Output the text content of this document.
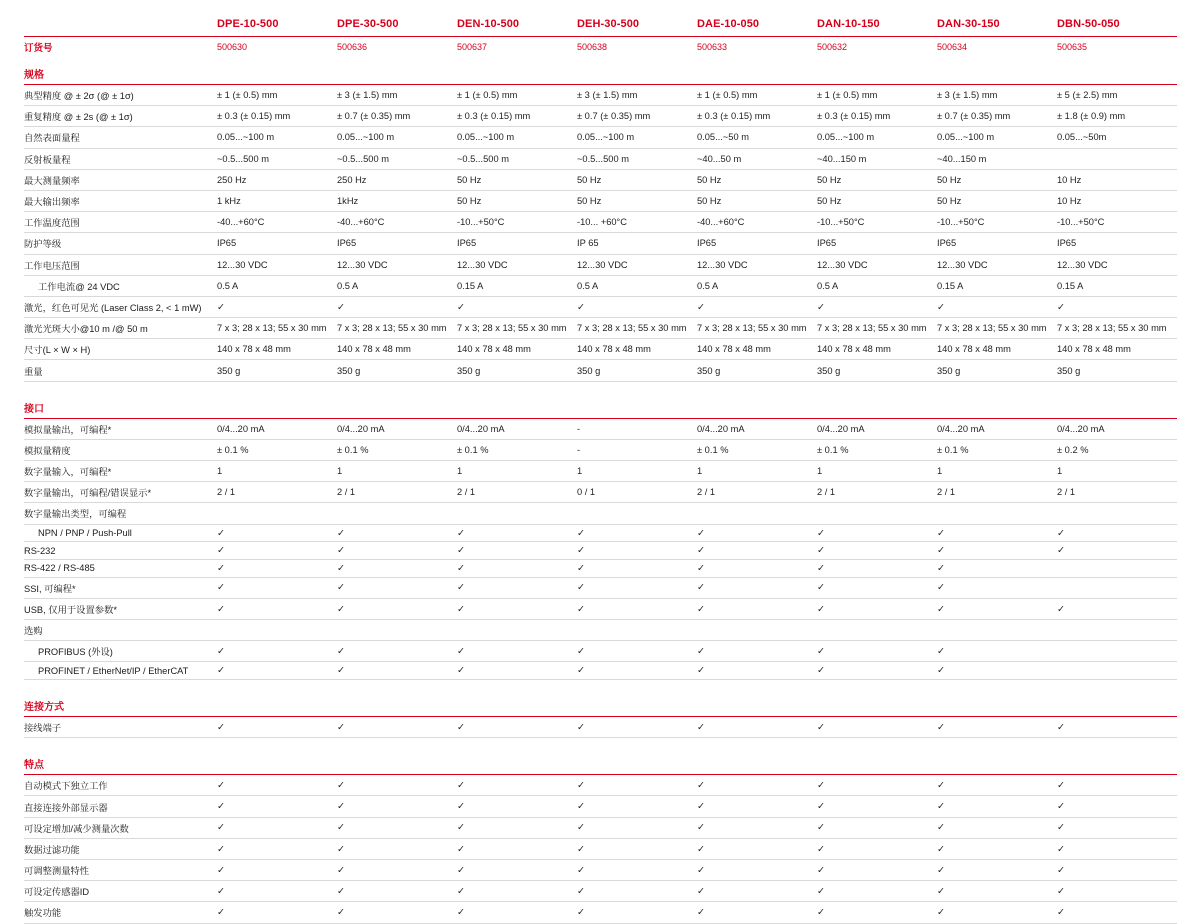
	DPE-10-500	DPE-30-500	DEN-10-500	DEH-30-500	DAE-10-050	DAN-10-150	DAN-30-150	DBN-50-050

订货号	500630	500636	500637	500638	500633	500632	500634	500635
规格								
典型精度 @ ± 2σ (@ ± 1σ)	± 1 (± 0.5) mm	± 3 (± 1.5) mm	± 1 (± 0.5) mm	± 3 (± 1.5) mm	± 1 (± 0.5) mm	± 1 (± 0.5) mm	± 3 (± 1.5) mm	± 5 (± 2.5) mm
重复精度 @ ± 2s (@ ± 1σ)	± 0.3 (± 0.15) mm	± 0.7 (± 0.35) mm	± 0.3 (± 0.15) mm	± 0.7 (± 0.35) mm	± 0.3 (± 0.15) mm	± 0.3 (± 0.15) mm	± 0.7 (± 0.35) mm	± 1.8 (± 0.9) mm
自然表面量程	0.05...~100 m	0.05...~100 m	0.05...~100 m	0.05...~100 m	0.05...~50 m	0.05...~100 m	0.05...~100 m	0.05...~50m
反射板量程	~0.5...500 m	~0.5...500 m	~0.5...500 m	~0.5...500 m	~40...50 m	~40...150 m	~40...150 m	
最大测量频率	250 Hz	250 Hz	50 Hz	50 Hz	50 Hz	50 Hz	50 Hz	10 Hz
最大输出频率	1 kHz	1kHz	50 Hz	50 Hz	50 Hz	50 Hz	50 Hz	10 Hz
工作温度范围	-40...+60°C	-40...+60°C	-10...+50°C	-10... +60°C	-40...+60°C	-10...+50°C	-10...+50°C	-10...+50°C
防护等级	IP65	IP65	IP65	IP 65	IP65	IP65	IP65	IP65
工作电压范围	12...30 VDC	12...30 VDC	12...30 VDC	12...30 VDC	12...30 VDC	12...30 VDC	12...30 VDC	12...30 VDC
工作电流@ 24 VDC	0.5 A	0.5 A	0.15 A	0.5 A	0.5 A	0.5 A	0.15 A	0.15 A
激光，红色可见光 (Laser Class 2, < 1 mW)	✓	✓	✓	✓	✓	✓	✓	✓
激光光斑大小@10 m /@ 50 m	7 x 3; 28 x 13; 55 x 30 mm	7 x 3; 28 x 13; 55 x 30 mm	7 x 3; 28 x 13; 55 x 30 mm	7 x 3; 28 x 13; 55 x 30 mm	7 x 3; 28 x 13; 55 x 30 mm	7 x 3; 28 x 13; 55 x 30 mm	7 x 3; 28 x 13; 55 x 30 mm	7 x 3; 28 x 13; 55 x 30 mm
尺寸(L × W × H)	140 x 78 x 48 mm	140 x 78 x 48 mm	140 x 78 x 48 mm	140 x 78 x 48 mm	140 x 78 x 48 mm	140 x 78 x 48 mm	140 x 78 x 48 mm	140 x 78 x 48 mm
重量	350 g	350 g	350 g	350 g	350 g	350 g	350 g	350 g

接口								
模拟量输出，可编程*	0/4...20 mA	0/4...20 mA	0/4...20 mA	-	0/4...20 mA	0/4...20 mA	0/4...20 mA	0/4...20 mA
模拟量精度	± 0.1 %	± 0.1 %	± 0.1 %	-	± 0.1 %	± 0.1 %	± 0.1 %	± 0.2 %
数字量输入，可编程*	1	1	1	1	1	1	1	1
数字量输出，可编程/错误显示*	2 / 1	2 / 1	2 / 1	0 / 1	2 / 1	2 / 1	2 / 1	2 / 1
数字量输出类型，可编程								
NPN / PNP / Push-Pull	✓	✓	✓	✓	✓	✓	✓	✓
RS-232	✓	✓	✓	✓	✓	✓	✓	✓
RS-422 / RS-485	✓	✓	✓	✓	✓	✓	✓	
SSI, 可编程*	✓	✓	✓	✓	✓	✓	✓	
USB, 仅用于设置参数*	✓	✓	✓	✓	✓	✓	✓	✓
选购								
PROFIBUS (外设)	✓	✓	✓	✓	✓	✓	✓	
PROFINET / EtherNet/IP / EtherCAT	✓	✓	✓	✓	✓	✓	✓	

连接方式								
接线端子	✓	✓	✓	✓	✓	✓	✓	✓

特点								
自动模式下独立工作	✓	✓	✓	✓	✓	✓	✓	✓
直接连接外部显示器	✓	✓	✓	✓	✓	✓	✓	✓
可设定增加/减少测量次数	✓	✓	✓	✓	✓	✓	✓	✓
数据过滤功能	✓	✓	✓	✓	✓	✓	✓	✓
可调整测量特性	✓	✓	✓	✓	✓	✓	✓	✓
可设定传感器ID	✓	✓	✓	✓	✓	✓	✓	✓
触发功能	✓	✓	✓	✓	✓	✓	✓	✓
